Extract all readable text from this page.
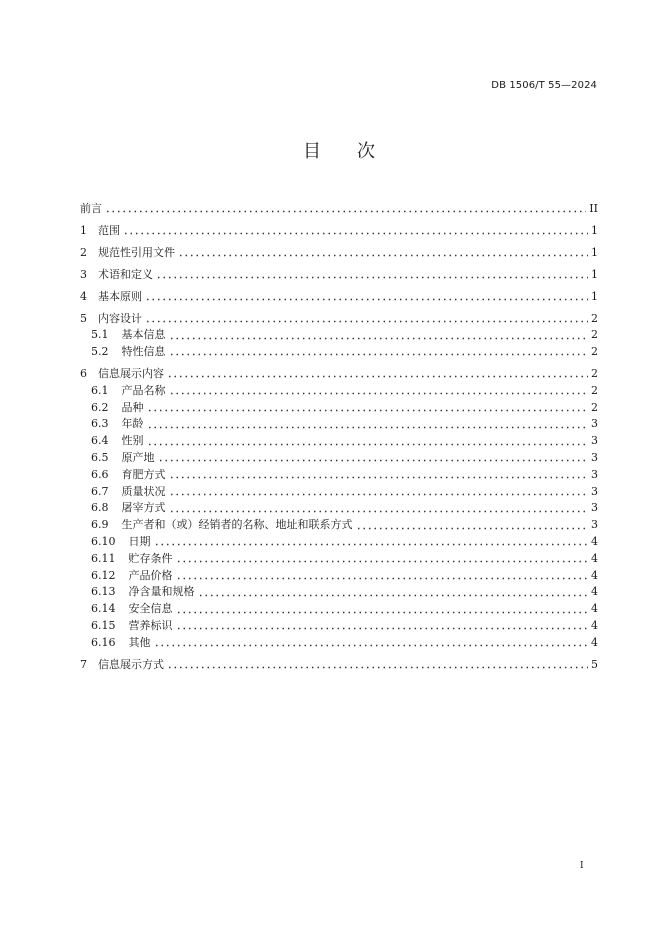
DB 1506/T 55—2024
目　　次
前言	II
1 范围	1
2 规范性引用文件	1
3 术语和定义	1
4 基本原则	1
5 内容设计	2
5.1 基本信息	2
5.2 特性信息	2
6 信息展示内容	2
6.1 产品名称	2
6.2 品种	2
6.3 年龄	3
6.4 性别	3
6.5 原产地	3
6.6 育肥方式	3
6.7 质量状况	3
6.8 屠宰方式	3
6.9 生产者和（或）经销者的名称、地址和联系方式	3
6.10 日期	4
6.11 贮存条件	4
6.12 产品价格	4
6.13 净含量和规格	4
6.14 安全信息	4
6.15 营养标识	4
6.16 其他	4
7 信息展示方式	5
I
